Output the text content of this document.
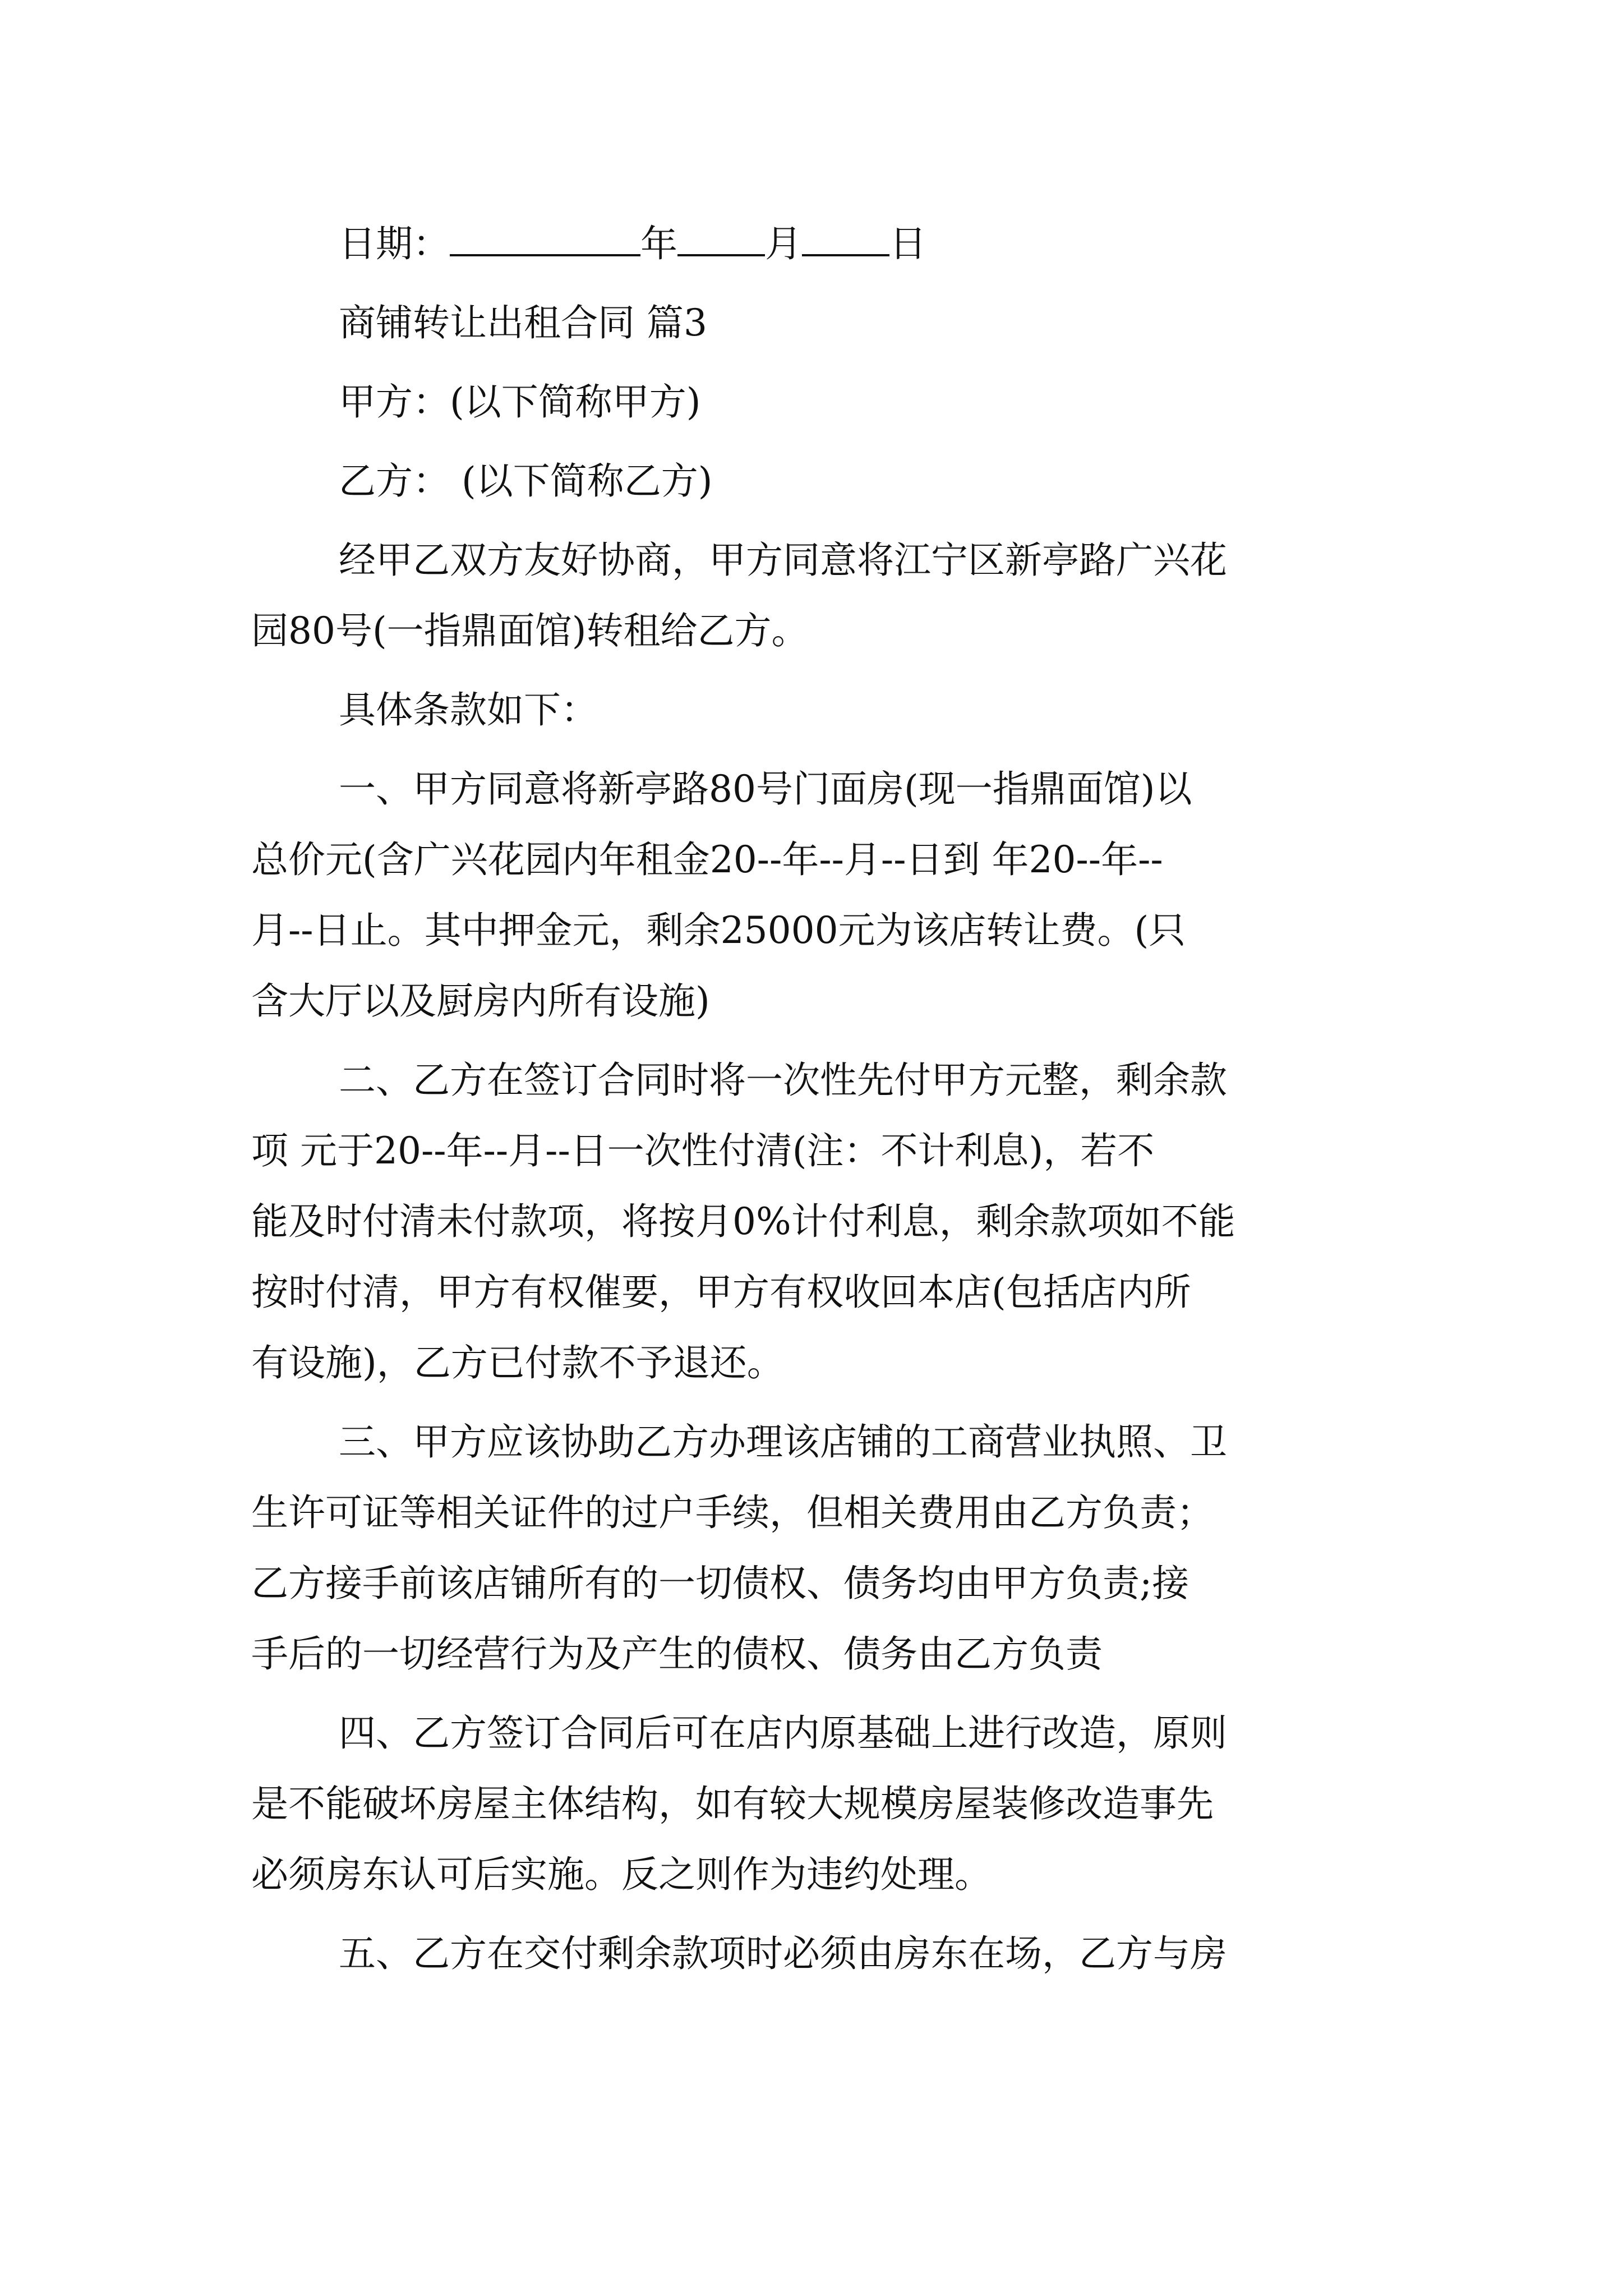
日期：	年 月 日
商铺转让出租合同 篇3
甲方：(以下简称甲方)
乙方： (以下简称乙方)
经甲乙双方友好协商，甲方同意将江宁区新亭路广兴花
园80号(一指鼎面馆)转租给乙方。
具体条款如下：
一、甲方同意将新亭路80号门面房(现一指鼎面馆)以
总价元(含广兴花园内年租金20--年--月--日到 年20--年--
月--日止。其中押金元，剩余25000元为该店转让费。(只
含大厅以及厨房内所有设施)
二、乙方在签订合同时将一次性先付甲方元整，剩余款
项 元于20--年--月--日一次性付清(注：不计利息)，若不
能及时付清未付款项，将按月0%计付利息，剩余款项如不能
按时付清，甲方有权催要，甲方有权收回本店(包括店内所
有设施)，乙方已付款不予退还。
三、甲方应该协助乙方办理该店铺的工商营业执照、卫
生许可证等相关证件的过户手续，但相关费用由乙方负责；
乙方接手前该店铺所有的一切债权、债务均由甲方负责;接
手后的一切经营行为及产生的债权、债务由乙方负责
四、乙方签订合同后可在店内原基础上进行改造，原则
是不能破坏房屋主体结构，如有较大规模房屋装修改造事先
必须房东认可后实施。反之则作为违约处理。
五、乙方在交付剩余款项时必须由房东在场，乙方与房
